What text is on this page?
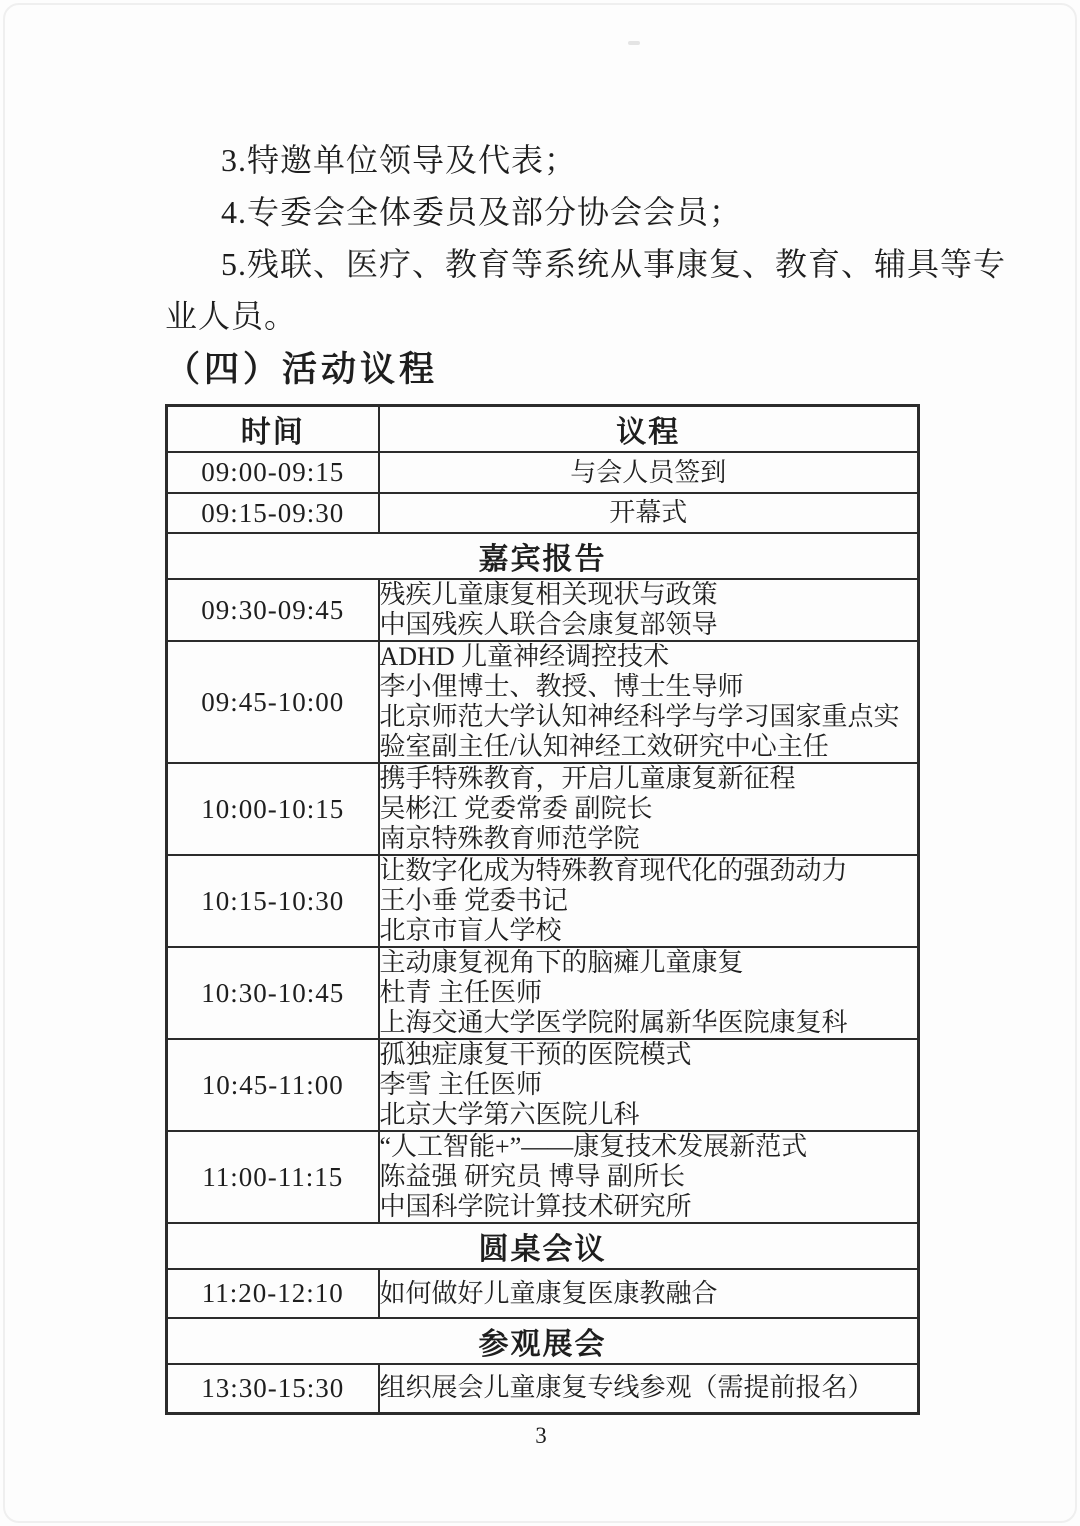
3.特邀单位领导及代表；

4.专委会全体委员及部分协会会员；

5.残联、医疗、教育等系统从事康复、教育、辅具等专

业人员。

（四）活动议程
时间	议程
09:00-09:15	与会人员签到

09:15-09:30	开幕式

嘉宾报告	
09:30-09:45	残疾儿童康复相关现状与政策
中国残疾人联合会康复部领导

09:45-10:00	ADHD 儿童神经调控技术
李小俚博士、教授、博士生导师
北京师范大学认知神经科学与学习国家重点实
验室副主任/认知神经工效研究中心主任

10:00-10:15	携手特殊教育，开启儿童康复新征程
吴彬江 党委常委 副院长
南京特殊教育师范学院

10:15-10:30	让数字化成为特殊教育现代化的强劲动力
王小垂 党委书记
北京市盲人学校

10:30-10:45	主动康复视角下的脑瘫儿童康复
杜青 主任医师
上海交通大学医学院附属新华医院康复科

10:45-11:00	孤独症康复干预的医院模式
李雪 主任医师
北京大学第六医院儿科

11:00-11:15	“人工智能+”——康复技术发展新范式
陈益强 研究员 博导 副所长
中国科学院计算技术研究所

圆桌会议	
11:20-12:10	如何做好儿童康复医康教融合

参观展会	
13:30-15:30	组织展会儿童康复专线参观（需提前报名）
3
